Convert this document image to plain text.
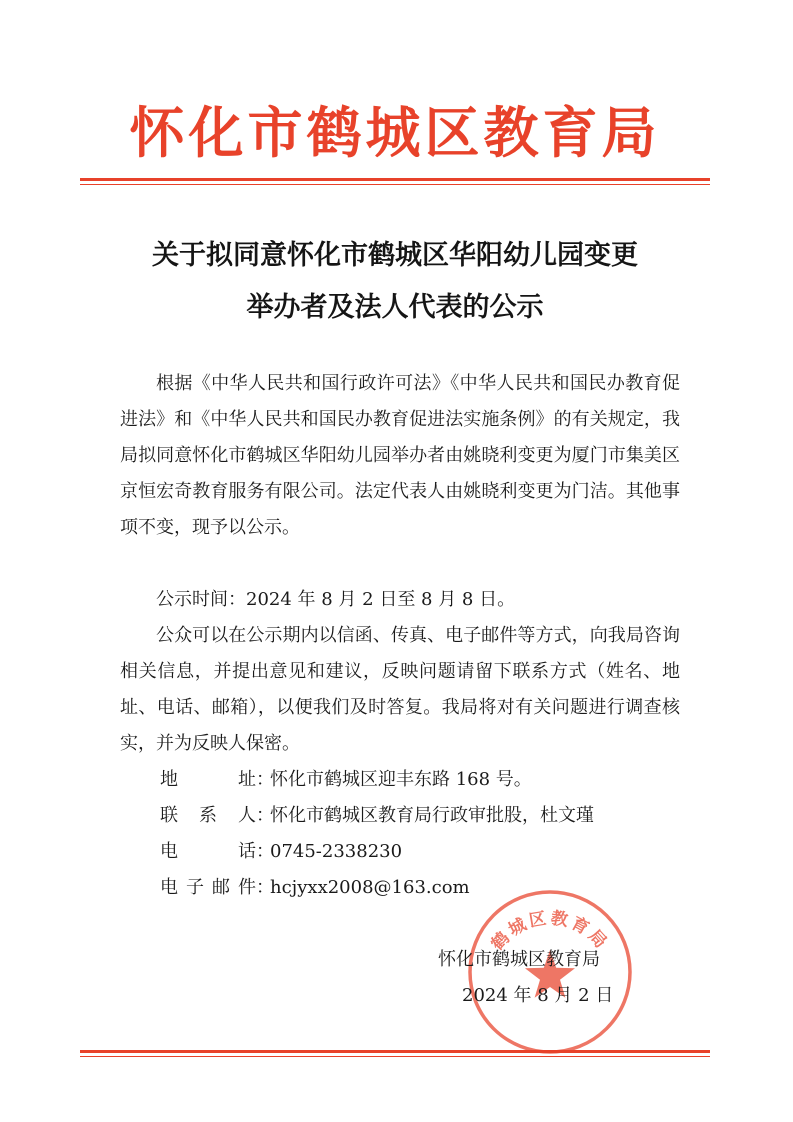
怀化市鹤城区教育局
关于拟同意怀化市鹤城区华阳幼儿园变更
举办者及法人代表的公示

根据《中华人民共和国行政许可法》《中华人民共和国民办教育促进法》和《中华人民共和国民办教育促进法实施条例》的有关规定，我局拟同意怀化市鹤城区华阳幼儿园举办者由姚晓利变更为厦门市集美区京恒宏奇教育服务有限公司。法定代表人由姚晓利变更为门洁。其他事项不变，现予以公示。

公示时间：2024 年 8 月 2 日至 8 月 8 日。

公众可以在公示期内以信函、传真、电子邮件等方式，向我局咨询相关信息，并提出意见和建议，反映问题请留下联系方式（姓名、地址、电话、邮箱），以便我们及时答复。我局将对有关问题进行调查核实，并为反映人保密。

地址：怀化市鹤城区迎丰东路 168 号。
联系人：怀化市鹤城区教育局行政审批股，杜文瑾
电话：0745-2338230
电子邮件：hcjyxx2008@163.com
鹤城区教育局
怀化市鹤城区教育局
2024 年 8 月 2 日
